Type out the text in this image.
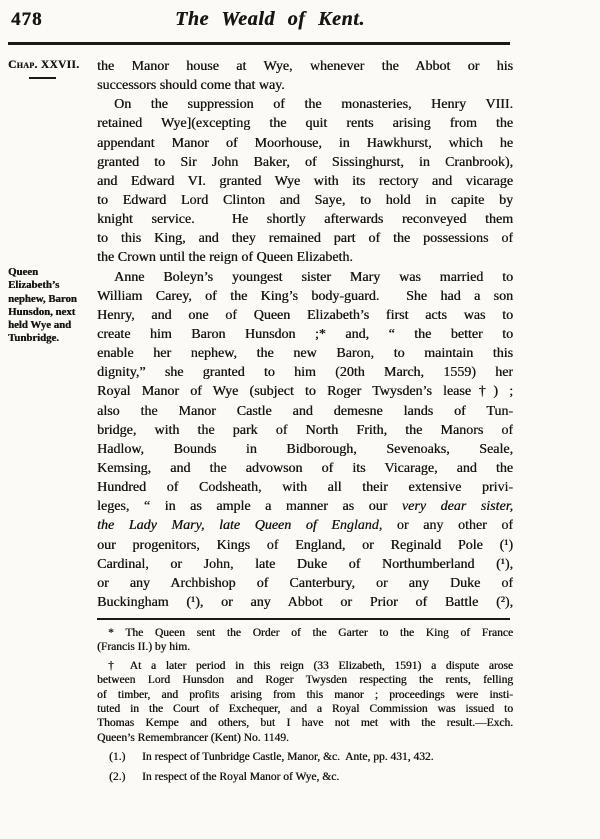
478	The Weald of Kent.
Chap. XXVII.
Queen
Elizabeth’s
nephew, Baron
Hunsdon, next
held Wye and
Tunbridge.
the Manor house at Wye, whenever the Abbot or his
successors should come that way.
On the suppression of the monasteries, Henry VIII.
retained Wye](excepting the quit rents arising from the
appendant Manor of Moorhouse, in Hawkhurst, which he
granted to Sir John Baker, of Sissinghurst, in Cranbrook),
and Edward VI. granted Wye with its rectory and vicarage
to Edward Lord Clinton and Saye, to hold in capite by
knight service.  He shortly afterwards reconveyed them
to this King, and they remained part of the possessions of
the Crown until the reign of Queen Elizabeth.
Anne Boleyn’s youngest sister Mary was married to
William Carey, of the King’s body-guard.  She had a son
Henry, and one of Queen Elizabeth’s first acts was to
create him Baron Hunsdon ;* and, “ the better to
enable her nephew, the new Baron, to maintain this
dignity,” she granted to him (20th March, 1559) her
Royal Manor of Wye (subject to Roger Twysden’s lease†) ;
also the Manor Castle and demesne lands of Tun-
bridge, with the park of North Frith, the Manors of
Hadlow, Bounds in Bidborough, Sevenoaks, Seale,
Kemsing, and the advowson of its Vicarage, and the
Hundred of Codsheath, with all their extensive privi-
leges, “ in as ample a manner as our very dear sister,
the Lady Mary, late Queen of England, or any other of
our progenitors, Kings of England, or Reginald Pole (¹)
Cardinal, or John, late Duke of Northumberland (¹),
or any Archbishop of Canterbury, or any Duke of
Buckingham (¹), or any Abbot or Prior of Battle (²),
* The Queen sent the Order of the Garter to the King of France
(Francis II.) by him.
† At a later period in this reign (33 Elizabeth, 1591) a dispute arose
between Lord Hunsdon and Roger Twysden respecting the rents, felling
of timber, and profits arising from this manor ; proceedings were insti-
tuted in the Court of Exchequer, and a Royal Commission was issued to
Thomas Kempe and others, but I have not met with the result.—Exch.
Queen’s Remembrancer (Kent) No. 1149.
(1.) In respect of Tunbridge Castle, Manor, &c.  Ante, pp. 431, 432.
(2.) In respect of the Royal Manor of Wye, &c.
